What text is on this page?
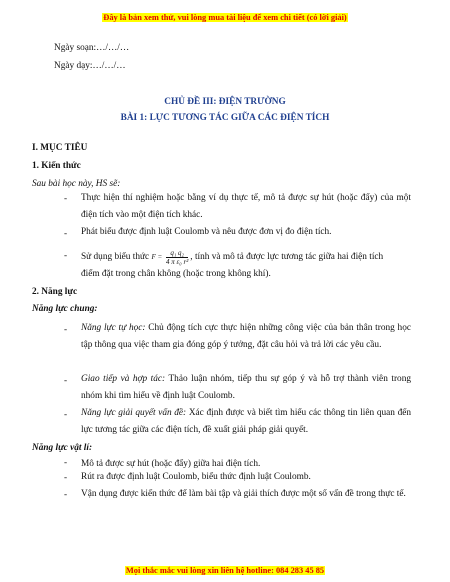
Đây là bản xem thử, vui lòng mua tài liệu để xem chi tiết (có lời giải)
Ngày soạn:…/…/…
Ngày dạy:…/…/…
CHỦ ĐỀ III: ĐIỆN TRƯỜNG
BÀI 1: LỰC TƯƠNG TÁC GIỮA CÁC ĐIỆN TÍCH
I. MỤC TIÊU
1. Kiến thức
Sau bài học này, HS sẽ:
- Thực hiện thí nghiệm hoặc bằng ví dụ thực tế, mô tả được sự hút (hoặc đẩy) của một điện tích vào một điện tích khác.
- Phát biểu được định luật Coulomb và nêu được đơn vị đo điện tích.
- Sử dụng biểu thức $F = \frac{\text{q₁ q₂}}{\text{4 π ε₀ r²}}$ , tính và mô tả được lực tương tác giữa hai điện tích
điểm đặt trong chân không (hoặc trong không khí).
2. Năng lực
Năng lực chung:
- Năng lực tự học: Chủ động tích cực thực hiện những công việc của bản thân trong học tập thông qua việc tham gia đóng góp ý tưởng, đặt câu hỏi và trả lời các yêu cầu.
- Giao tiếp và hợp tác: Thảo luận nhóm, tiếp thu sự góp ý và hỗ trợ thành viên trong nhóm khi tìm hiểu về định luật Coulomb.
- Năng lực giải quyết vấn đề: Xác định được và biết tìm hiểu các thông tin liên quan đến lực tương tác giữa các điện tích, đề xuất giải pháp giải quyết.
Năng lực vật lí:
- Mô tả được sự hút (hoặc đẩy) giữa hai điện tích.
Mọi thắc mắc vui lòng xin liên hệ hotline: 084 283 45 85
- Rút ra được định luật Coulomb, biểu thức định luật Coulomb.
- Vận dụng được kiến thức để làm bài tập và giải thích được một số vấn đề trong thực tế.
